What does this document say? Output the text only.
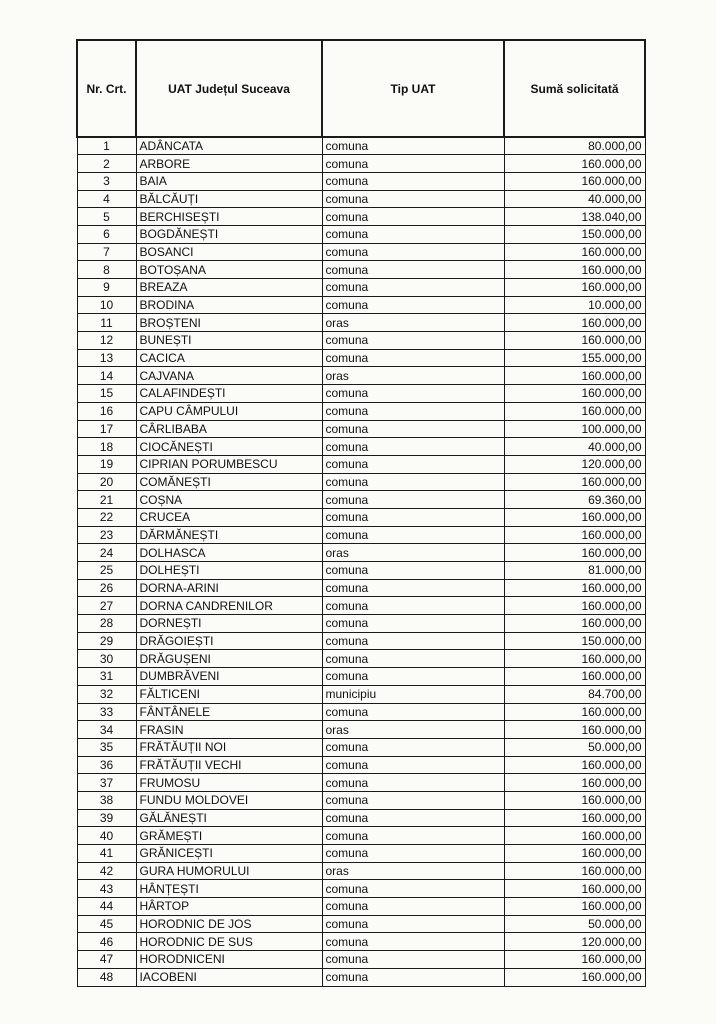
Nr. Crt.	UAT Județul Suceava	Tip UAT	Sumă solicitată
1	ADÂNCATA	comuna	80.000,00
2	ARBORE	comuna	160.000,00
3	BAIA	comuna	160.000,00
4	BĂLCĂUȚI	comuna	40.000,00
5	BERCHISEȘTI	comuna	138.040,00
6	BOGDĂNEȘTI	comuna	150.000,00
7	BOSANCI	comuna	160.000,00
8	BOTOȘANA	comuna	160.000,00
9	BREAZA	comuna	160.000,00
10	BRODINA	comuna	10.000,00
11	BROȘTENI	oras	160.000,00
12	BUNEȘTI	comuna	160.000,00
13	CACICA	comuna	155.000,00
14	CAJVANA	oras	160.000,00
15	CALAFINDEȘTI	comuna	160.000,00
16	CAPU CÂMPULUI	comuna	160.000,00
17	CÂRLIBABA	comuna	100.000,00
18	CIOCĂNEȘTI	comuna	40.000,00
19	CIPRIAN PORUMBESCU	comuna	120.000,00
20	COMĂNEȘTI	comuna	160.000,00
21	COȘNA	comuna	69.360,00
22	CRUCEA	comuna	160.000,00
23	DĂRMĂNEȘTI	comuna	160.000,00
24	DOLHASCA	oras	160.000,00
25	DOLHEȘTI	comuna	81.000,00
26	DORNA-ARINI	comuna	160.000,00
27	DORNA CANDRENILOR	comuna	160.000,00
28	DORNEȘTI	comuna	160.000,00
29	DRĂGOIEȘTI	comuna	150.000,00
30	DRĂGUȘENI	comuna	160.000,00
31	DUMBRĂVENI	comuna	160.000,00
32	FĂLTICENI	municipiu	84.700,00
33	FÂNTÂNELE	comuna	160.000,00
34	FRASIN	oras	160.000,00
35	FRĂTĂUȚII NOI	comuna	50.000,00
36	FRĂTĂUȚII VECHI	comuna	160.000,00
37	FRUMOSU	comuna	160.000,00
38	FUNDU MOLDOVEI	comuna	160.000,00
39	GĂLĂNEȘTI	comuna	160.000,00
40	GRĂMEȘTI	comuna	160.000,00
41	GRĂNICEȘTI	comuna	160.000,00
42	GURA HUMORULUI	oras	160.000,00
43	HÂNȚEȘTI	comuna	160.000,00
44	HÂRTOP	comuna	160.000,00
45	HORODNIC DE JOS	comuna	50.000,00
46	HORODNIC DE SUS	comuna	120.000,00
47	HORODNICENI	comuna	160.000,00
48	IACOBENI	comuna	160.000,00
